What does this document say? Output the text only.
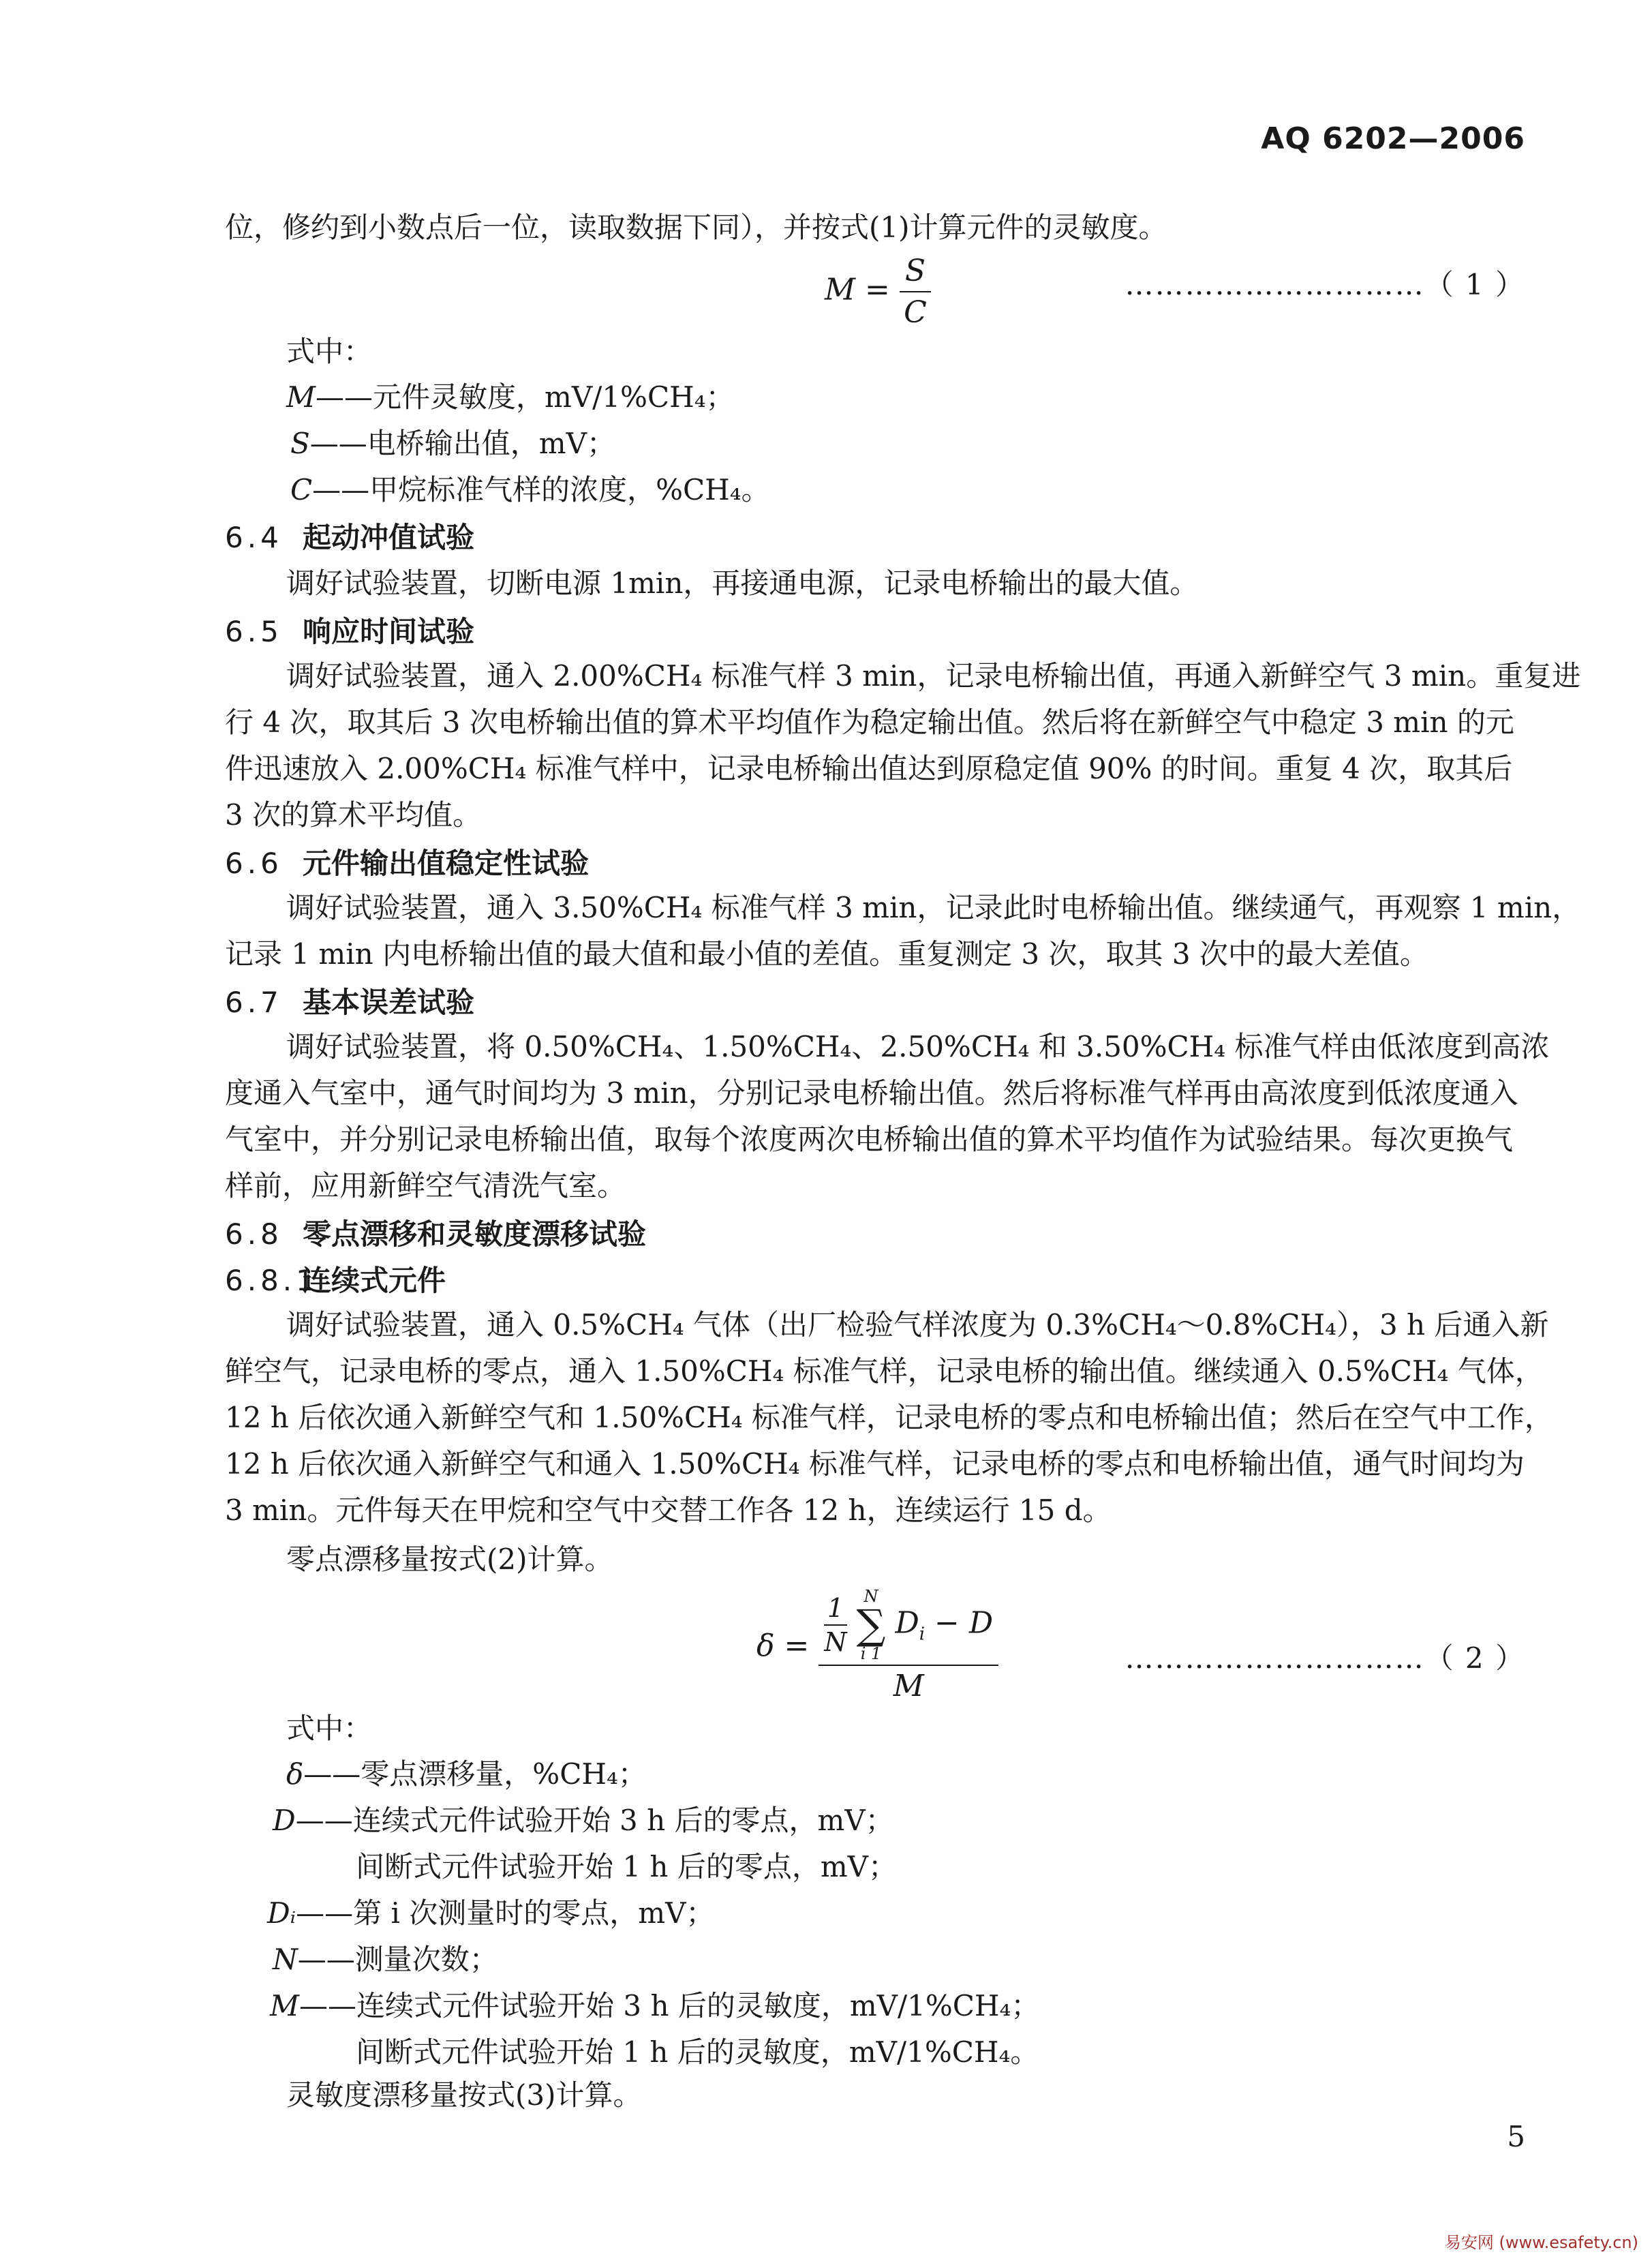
AQ 6202—2006
位，修约到小数点后一位，读取数据下同），并按式(1)计算元件的灵敏度。
$M = \frac{S}{C}$	…………………………（ 1 ）
式中：
M——元件灵敏度，mV/1%CH₄；
S——电桥输出值，mV；
C——甲烷标准气样的浓度，%CH₄。
6.4 起动冲值试验
调好试验装置，切断电源 1min，再接通电源，记录电桥输出的最大值。
6.5 响应时间试验
调好试验装置，通入 2.00%CH₄ 标准气样 3 min，记录电桥输出值，再通入新鲜空气 3 min。重复进
行 4 次，取其后 3 次电桥输出值的算术平均值作为稳定输出值。然后将在新鲜空气中稳定 3 min 的元
件迅速放入 2.00%CH₄ 标准气样中，记录电桥输出值达到原稳定值 90% 的时间。重复 4 次，取其后
3 次的算术平均值。
6.6 元件输出值稳定性试验
调好试验装置，通入 3.50%CH₄ 标准气样 3 min，记录此时电桥输出值。继续通气，再观察 1 min，
记录 1 min 内电桥输出值的最大值和最小值的差值。重复测定 3 次，取其 3 次中的最大差值。
6.7 基本误差试验
调好试验装置，将 0.50%CH₄、1.50%CH₄、2.50%CH₄ 和 3.50%CH₄ 标准气样由低浓度到高浓
度通入气室中，通气时间均为 3 min，分别记录电桥输出值。然后将标准气样再由高浓度到低浓度通入
气室中，并分别记录电桥输出值，取每个浓度两次电桥输出值的算术平均值作为试验结果。每次更换气
样前，应用新鲜空气清洗气室。
6.8 零点漂移和灵敏度漂移试验
6.8.1连续式元件
调好试验装置，通入 0.5%CH₄ 气体（出厂检验气样浓度为 0.3%CH₄～0.8%CH₄），3 h 后通入新
鲜空气，记录电桥的零点，通入 1.50%CH₄ 标准气样，记录电桥的输出值。继续通入 0.5%CH₄ 气体，
12 h 后依次通入新鲜空气和 1.50%CH₄ 标准气样，记录电桥的零点和电桥输出值；然后在空气中工作，
12 h 后依次通入新鲜空气和通入 1.50%CH₄ 标准气样，记录电桥的零点和电桥输出值，通气时间均为
3 min。元件每天在甲烷和空气中交替工作各 12 h，连续运行 15 d。
零点漂移量按式(2)计算。
$\delta = \frac{1}{N}$
	N
∑
i 1
$D_i - D$
M
…………………………（ 2 ）
式中：
δ——零点漂移量，%CH₄；
D——连续式元件试验开始 3 h 后的零点，mV；
间断式元件试验开始 1 h 后的零点，mV；
Dᵢ——第 i 次测量时的零点，mV；
N——测量次数；
M——连续式元件试验开始 3 h 后的灵敏度，mV/1%CH₄；
间断式元件试验开始 1 h 后的灵敏度，mV/1%CH₄。
灵敏度漂移量按式(3)计算。
5
易安网 (www.esafety.cn)
